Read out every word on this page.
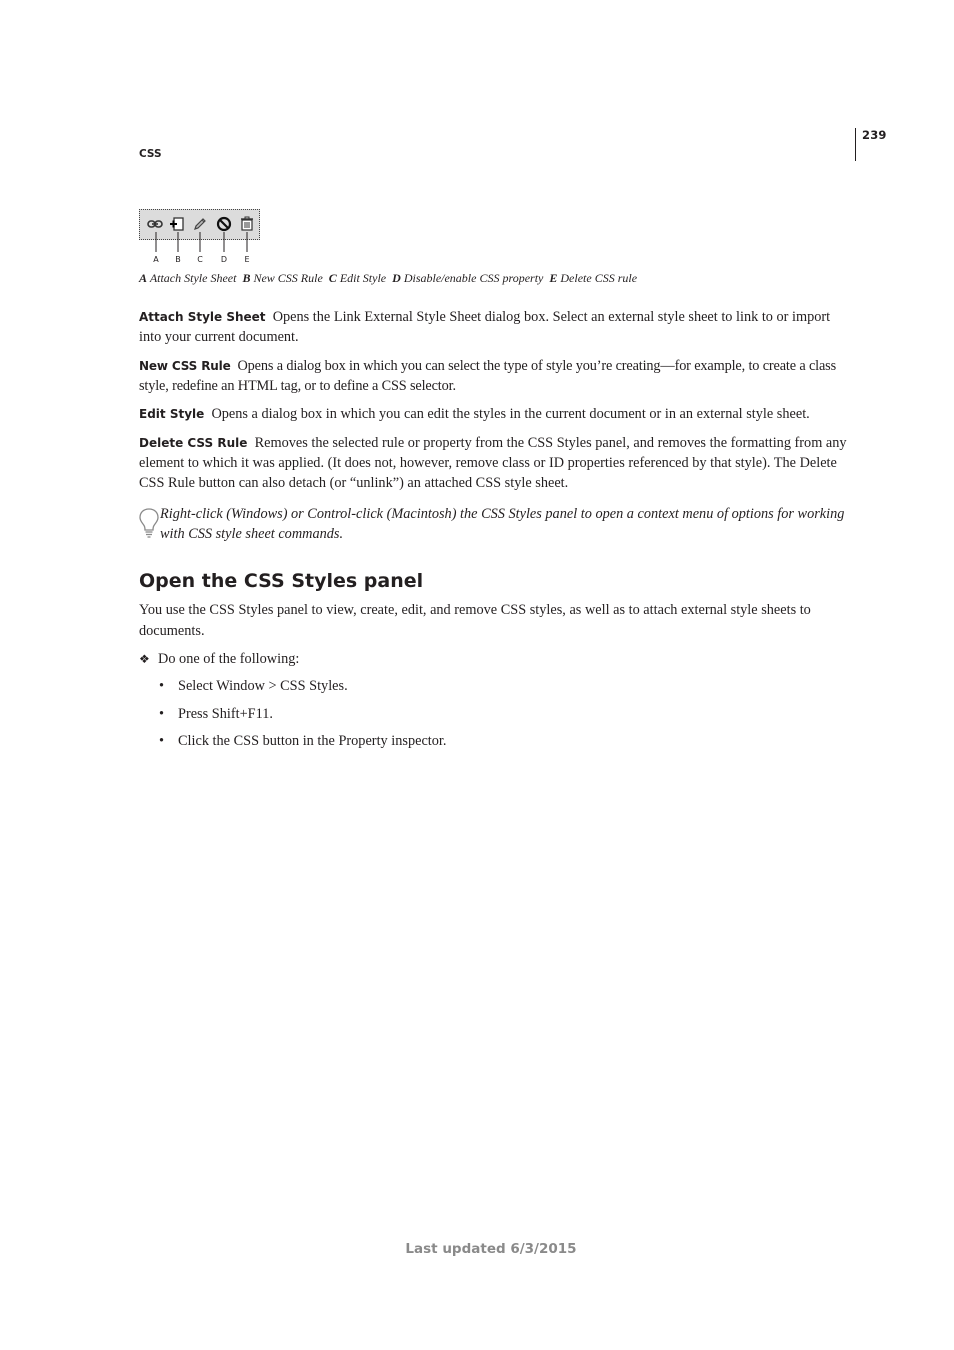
239
CSS
A	B	C	D	E
A Attach Style Sheet B New CSS Rule C Edit Style D Disable/enable CSS property E Delete CSS rule
Attach Style Sheet Opens the Link External Style Sheet dialog box. Select an external style sheet to link to or import into your current document.
New CSS Rule Opens a dialog box in which you can select the type of style you’re creating—for example, to create a class style, redefine an HTML tag, or to define a CSS selector.
Edit Style Opens a dialog box in which you can edit the styles in the current document or in an external style sheet.
Delete CSS Rule Removes the selected rule or property from the CSS Styles panel, and removes the formatting from any element to which it was applied. (It does not, however, remove class or ID properties referenced by that style). The Delete CSS Rule button can also detach (or “unlink”) an attached CSS style sheet.
Right-click (Windows) or Control-click (Macintosh) the CSS Styles panel to open a context menu of options for working with CSS style sheet commands.
Open the CSS Styles panel
You use the CSS Styles panel to view, create, edit, and remove CSS styles, as well as to attach external style sheets to documents.
❖ Do one of the following:
• Select Window > CSS Styles.
• Press Shift+F11.
• Click the CSS button in the Property inspector.
Last updated 6/3/2015
